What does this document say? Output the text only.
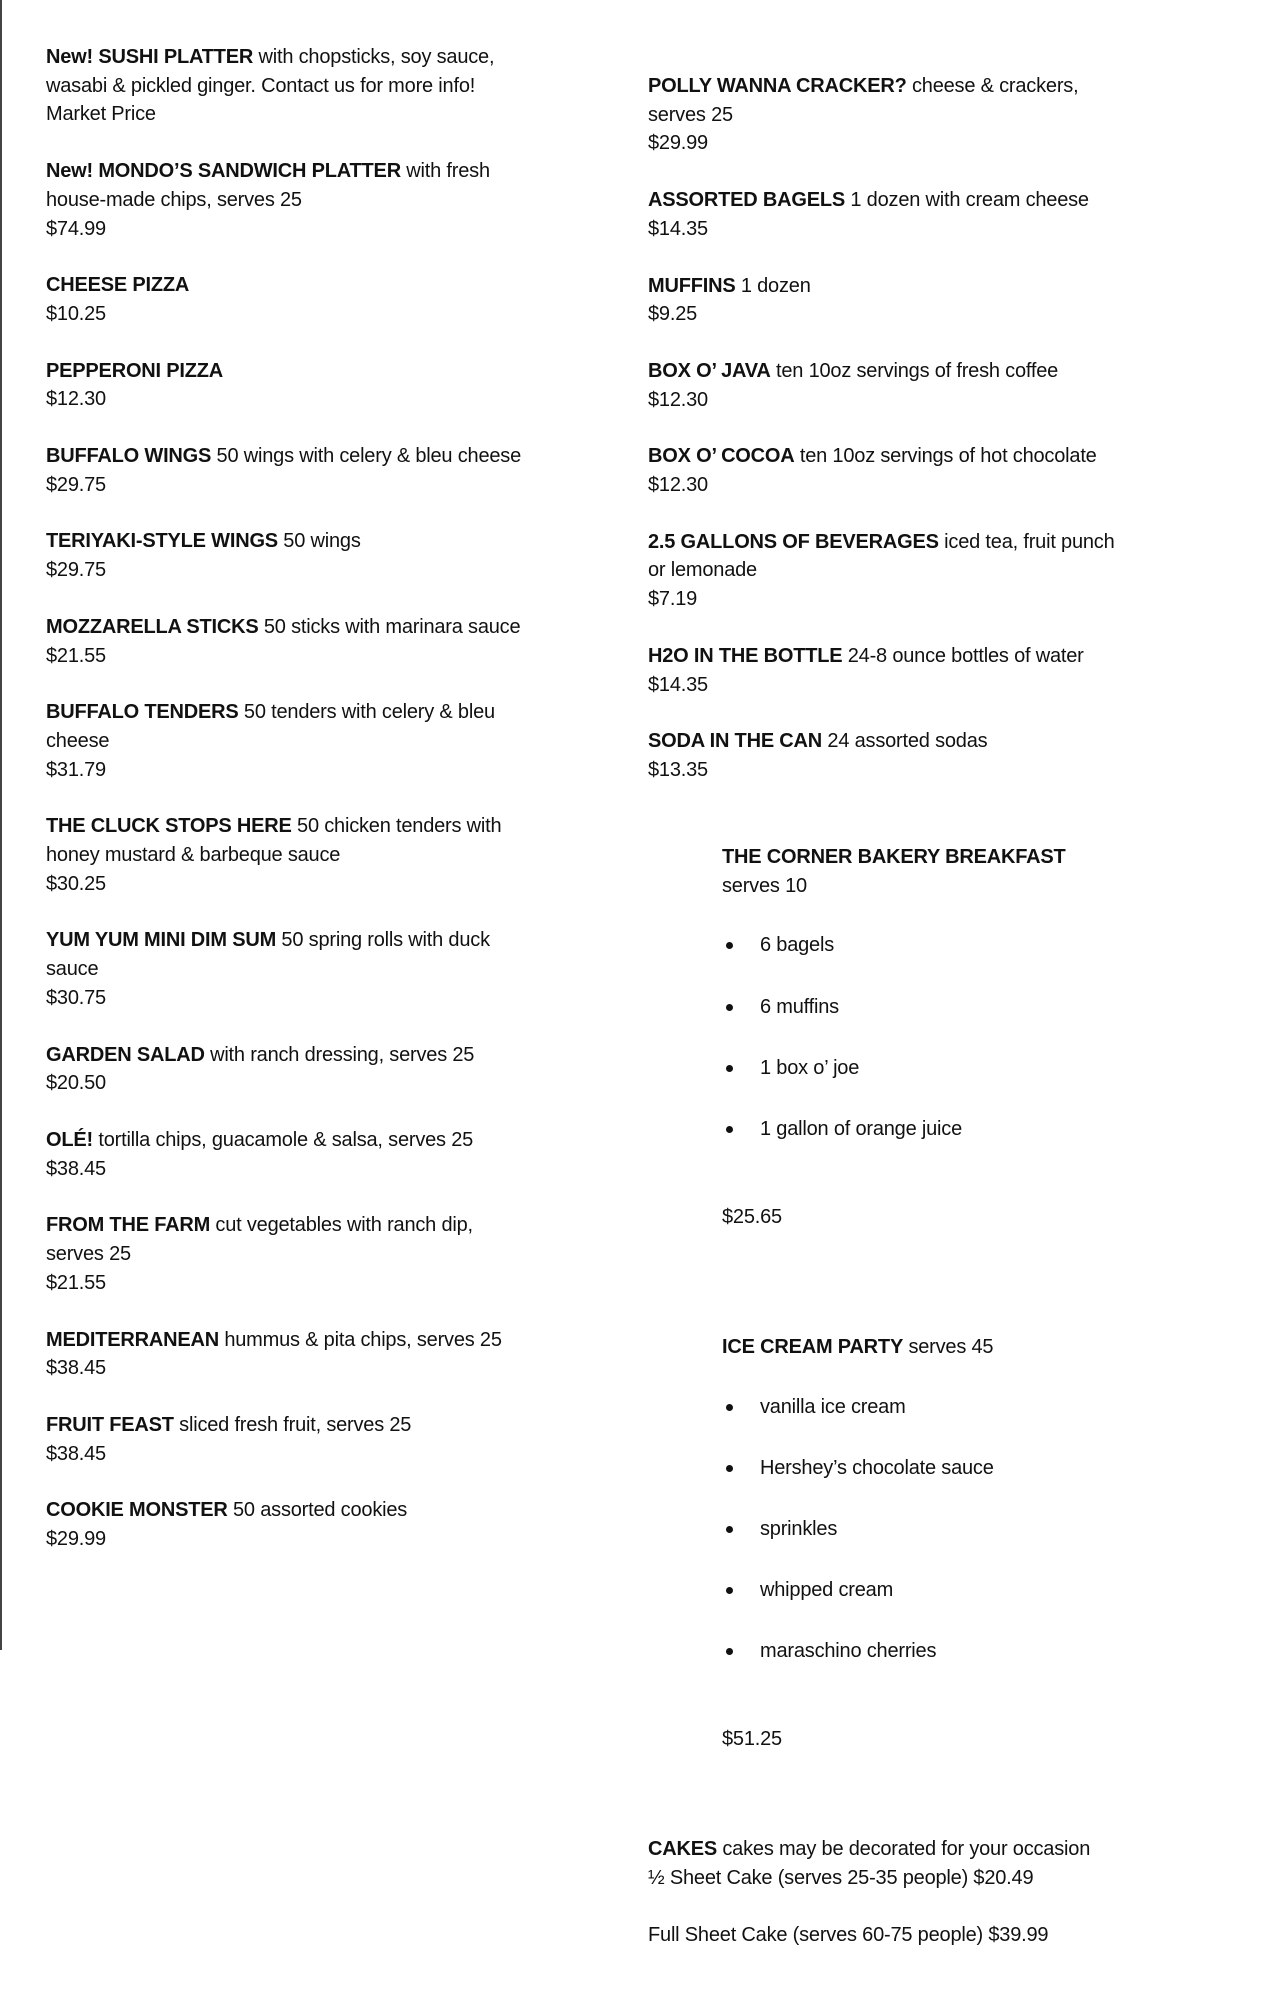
New! SUSHI PLATTER with chopsticks, soy sauce,
wasabi & pickled ginger. Contact us for more info!
Market Price
New! MONDO’S SANDWICH PLATTER with fresh
house-made chips, serves 25
$74.99
CHEESE PIZZA
$10.25
PEPPERONI PIZZA
$12.30
BUFFALO WINGS 50 wings with celery & bleu cheese
$29.75
TERIYAKI-STYLE WINGS 50 wings
$29.75
MOZZARELLA STICKS 50 sticks with marinara sauce
$21.55
BUFFALO TENDERS 50 tenders with celery & bleu
cheese
$31.79
THE CLUCK STOPS HERE 50 chicken tenders with
honey mustard & barbeque sauce
$30.25
YUM YUM MINI DIM SUM 50 spring rolls with duck
sauce
$30.75
GARDEN SALAD with ranch dressing, serves 25
$20.50
OLÉ! tortilla chips, guacamole & salsa, serves 25
$38.45
FROM THE FARM cut vegetables with ranch dip,
serves 25
$21.55
MEDITERRANEAN hummus & pita chips, serves 25
$38.45
FRUIT FEAST sliced fresh fruit, serves 25
$38.45
COOKIE MONSTER 50 assorted cookies
$29.99
POLLY WANNA CRACKER? cheese & crackers,
serves 25
$29.99
ASSORTED BAGELS 1 dozen with cream cheese
$14.35
MUFFINS 1 dozen
$9.25
BOX O’ JAVA ten 10oz servings of fresh coffee
$12.30
BOX O’ COCOA ten 10oz servings of hot chocolate
$12.30
2.5 GALLONS OF BEVERAGES iced tea, fruit punch
or lemonade
$7.19
H2O IN THE BOTTLE 24-8 ounce bottles of water
$14.35
SODA IN THE CAN 24 assorted sodas
$13.35

THE CORNER BAKERY BREAKFAST
serves 10

6 bagels

6 muffins

1 box o’ joe

1 gallon of orange juice

$25.65

ICE CREAM PARTY serves 45

vanilla ice cream

Hershey’s chocolate sauce

sprinkles

whipped cream

maraschino cherries

$51.25

CAKES cakes may be decorated for your occasion

½ Sheet Cake (serves 25-35 people) $20.49

Full Sheet Cake (serves 60-75 people) $39.99
